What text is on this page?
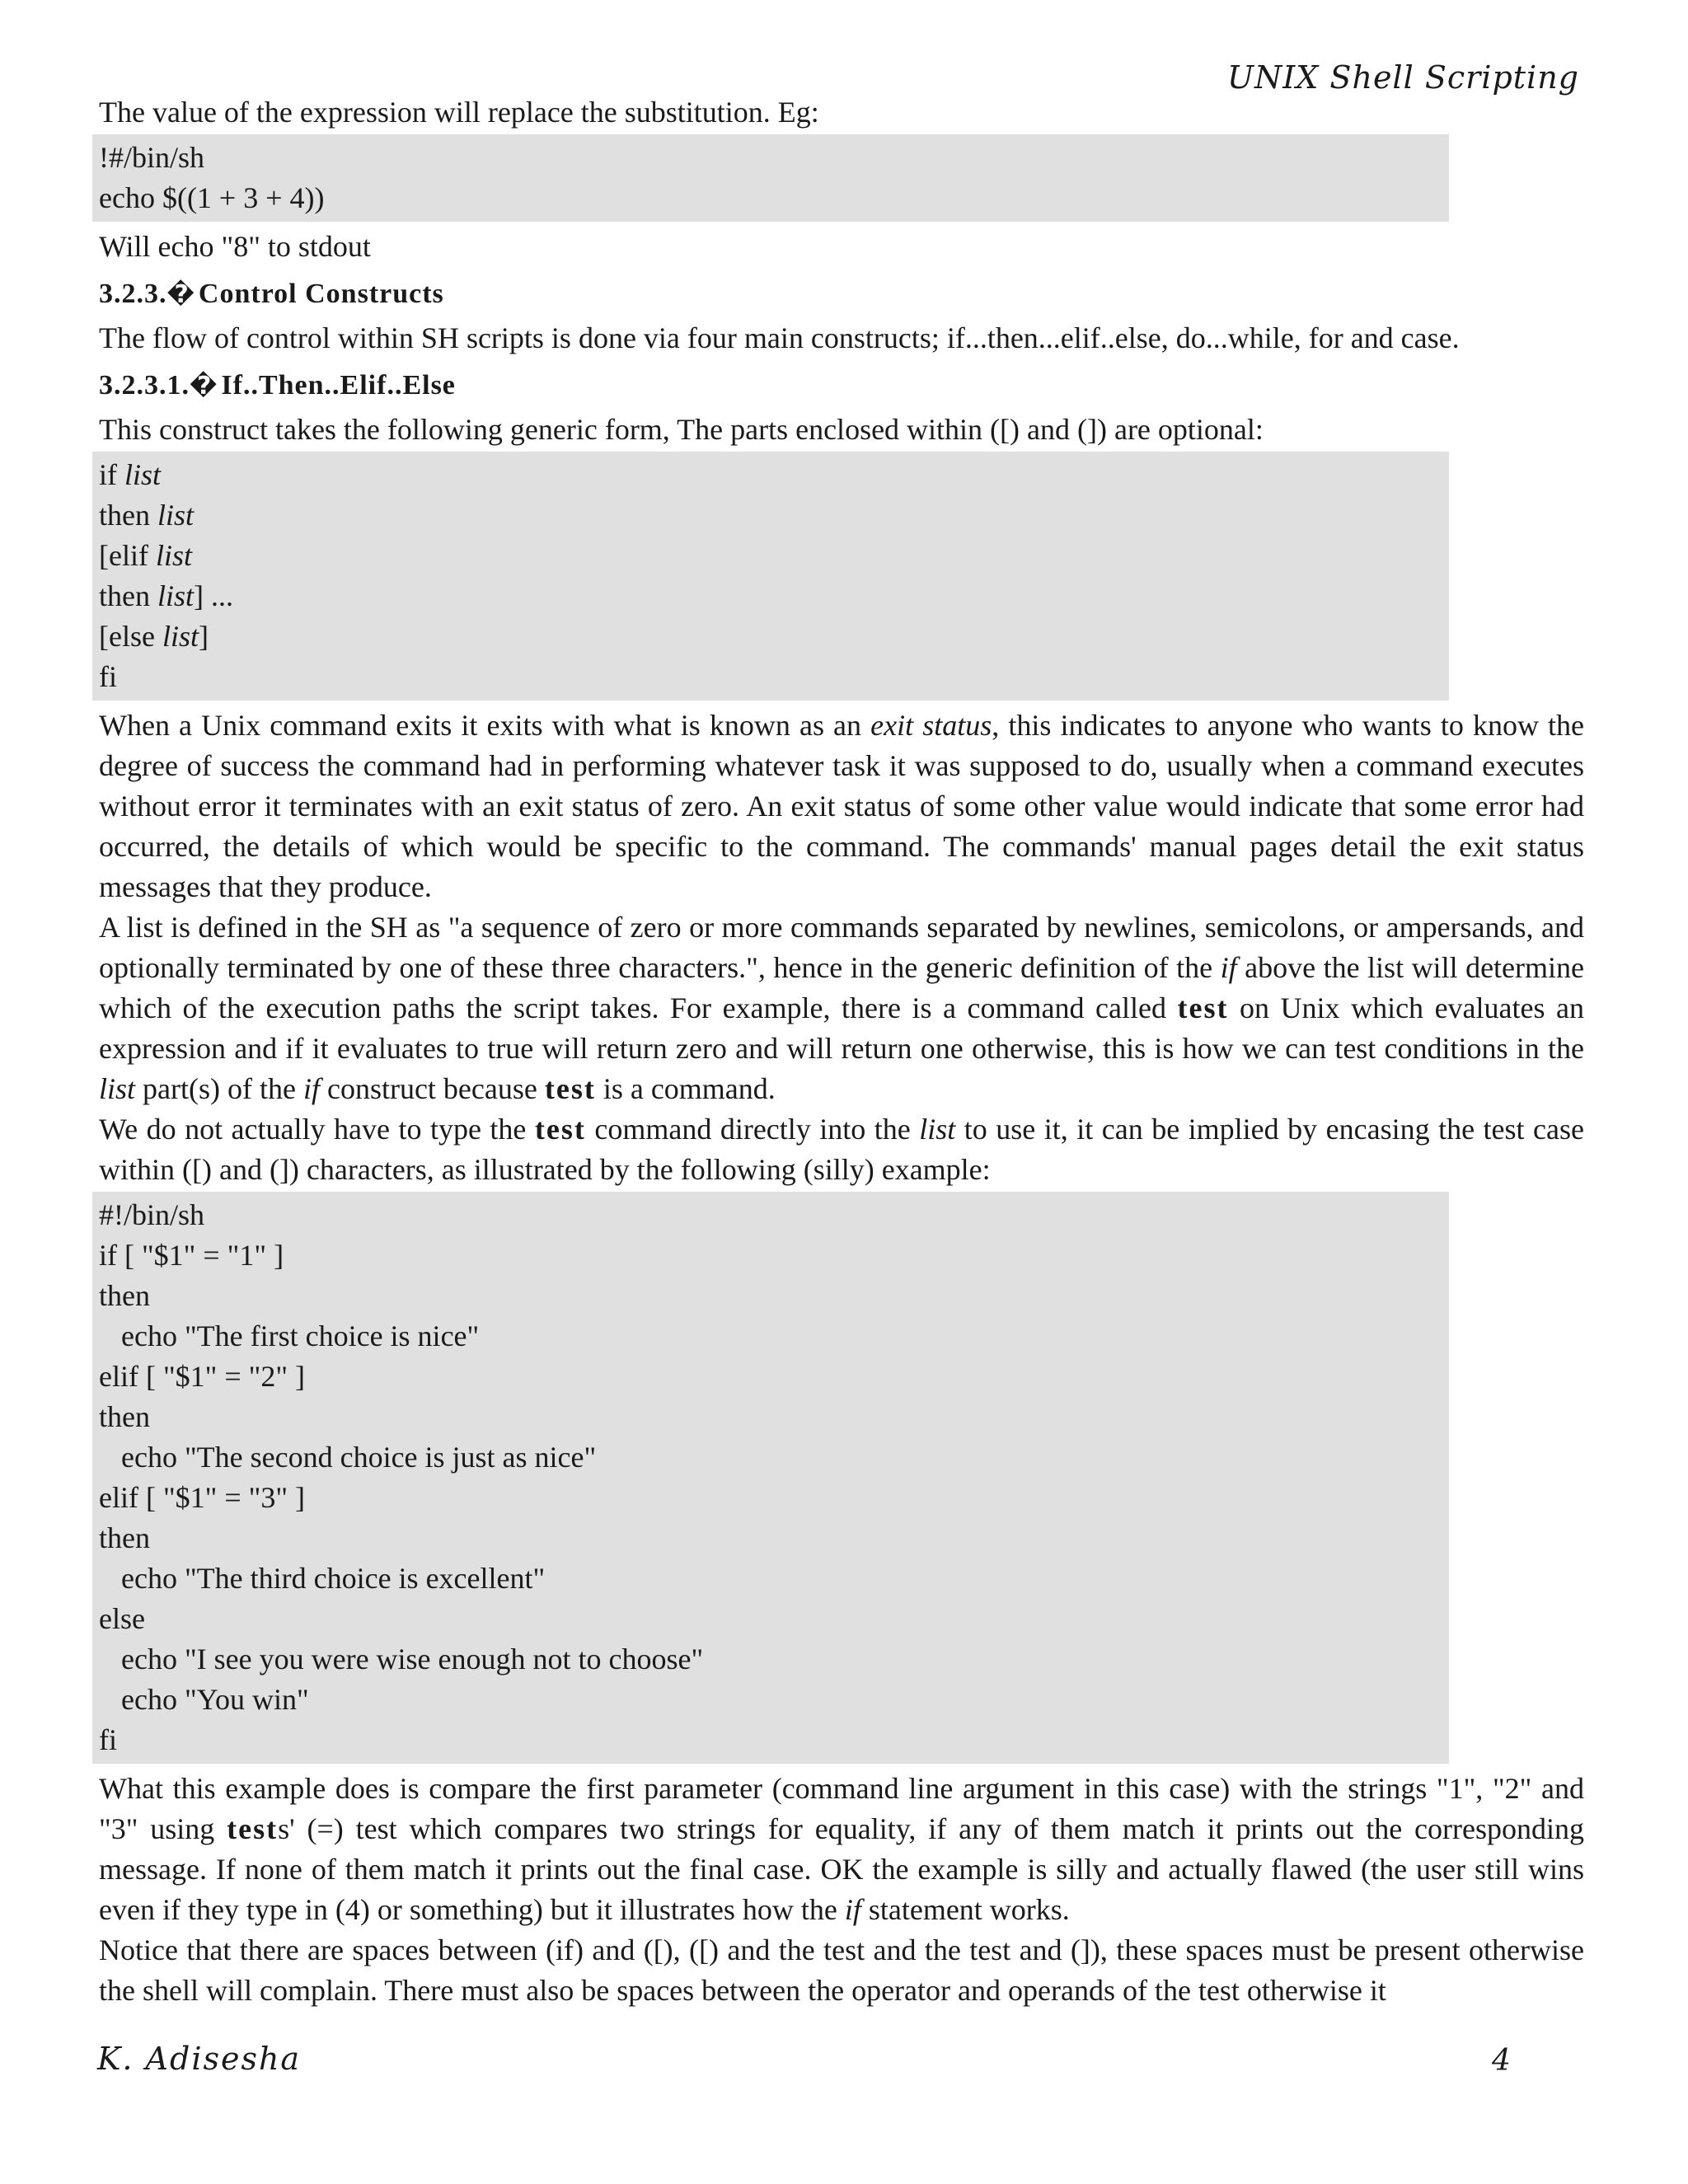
UNIX Shell Scripting

The value of the expression will replace the substitution. Eg:

!#/bin/sh
echo $((1 + 3 + 4))

Will echo "8" to stdout

3.2.3.� Control Constructs

The flow of control within SH scripts is done via four main constructs; if...then...elif..else, do...while, for and case.

3.2.3.1.� If..Then..Elif..Else

This construct takes the following generic form, The parts enclosed within ([) and (]) are optional:

if list
then list
[elif list
then list] ...
[else list]
fi

When a Unix command exits it exits with what is known as an exit status, this indicates to anyone who wants to know the degree of success the command had in performing whatever task it was supposed to do, usually when a command executes without error it terminates with an exit status of zero. An exit status of some other value would indicate that some error had occurred, the details of which would be specific to the command. The commands' manual pages detail the exit status messages that they produce.

A list is defined in the SH as "a sequence of zero or more commands separated by newlines, semicolons, or ampersands, and optionally terminated by one of these three characters.", hence in the generic definition of the if above the list will determine which of the execution paths the script takes. For example, there is a command called test on Unix which evaluates an expression and if it evaluates to true will return zero and will return one otherwise, this is how we can test conditions in the list part(s) of the if construct because test is a command.

We do not actually have to type the test command directly into the list to use it, it can be implied by encasing the test case within ([) and (]) characters, as illustrated by the following (silly) example:

#!/bin/sh
if [ "$1" = "1" ]
then
echo "The first choice is nice"
elif [ "$1" = "2" ]
then
echo "The second choice is just as nice"
elif [ "$1" = "3" ]
then
echo "The third choice is excellent"
else
echo "I see you were wise enough not to choose"
echo "You win"
fi

What this example does is compare the first parameter (command line argument in this case) with the strings "1", "2" and "3" using tests' (=) test which compares two strings for equality, if any of them match it prints out the corresponding message. If none of them match it prints out the final case. OK the example is silly and actually flawed (the user still wins even if they type in (4) or something) but it illustrates how the if statement works.

Notice that there are spaces between (if) and ([), ([) and the test and the test and (]), these spaces must be present otherwise the shell will complain. There must also be spaces between the operator and operands of the test otherwise it

K. Adisesha	4
